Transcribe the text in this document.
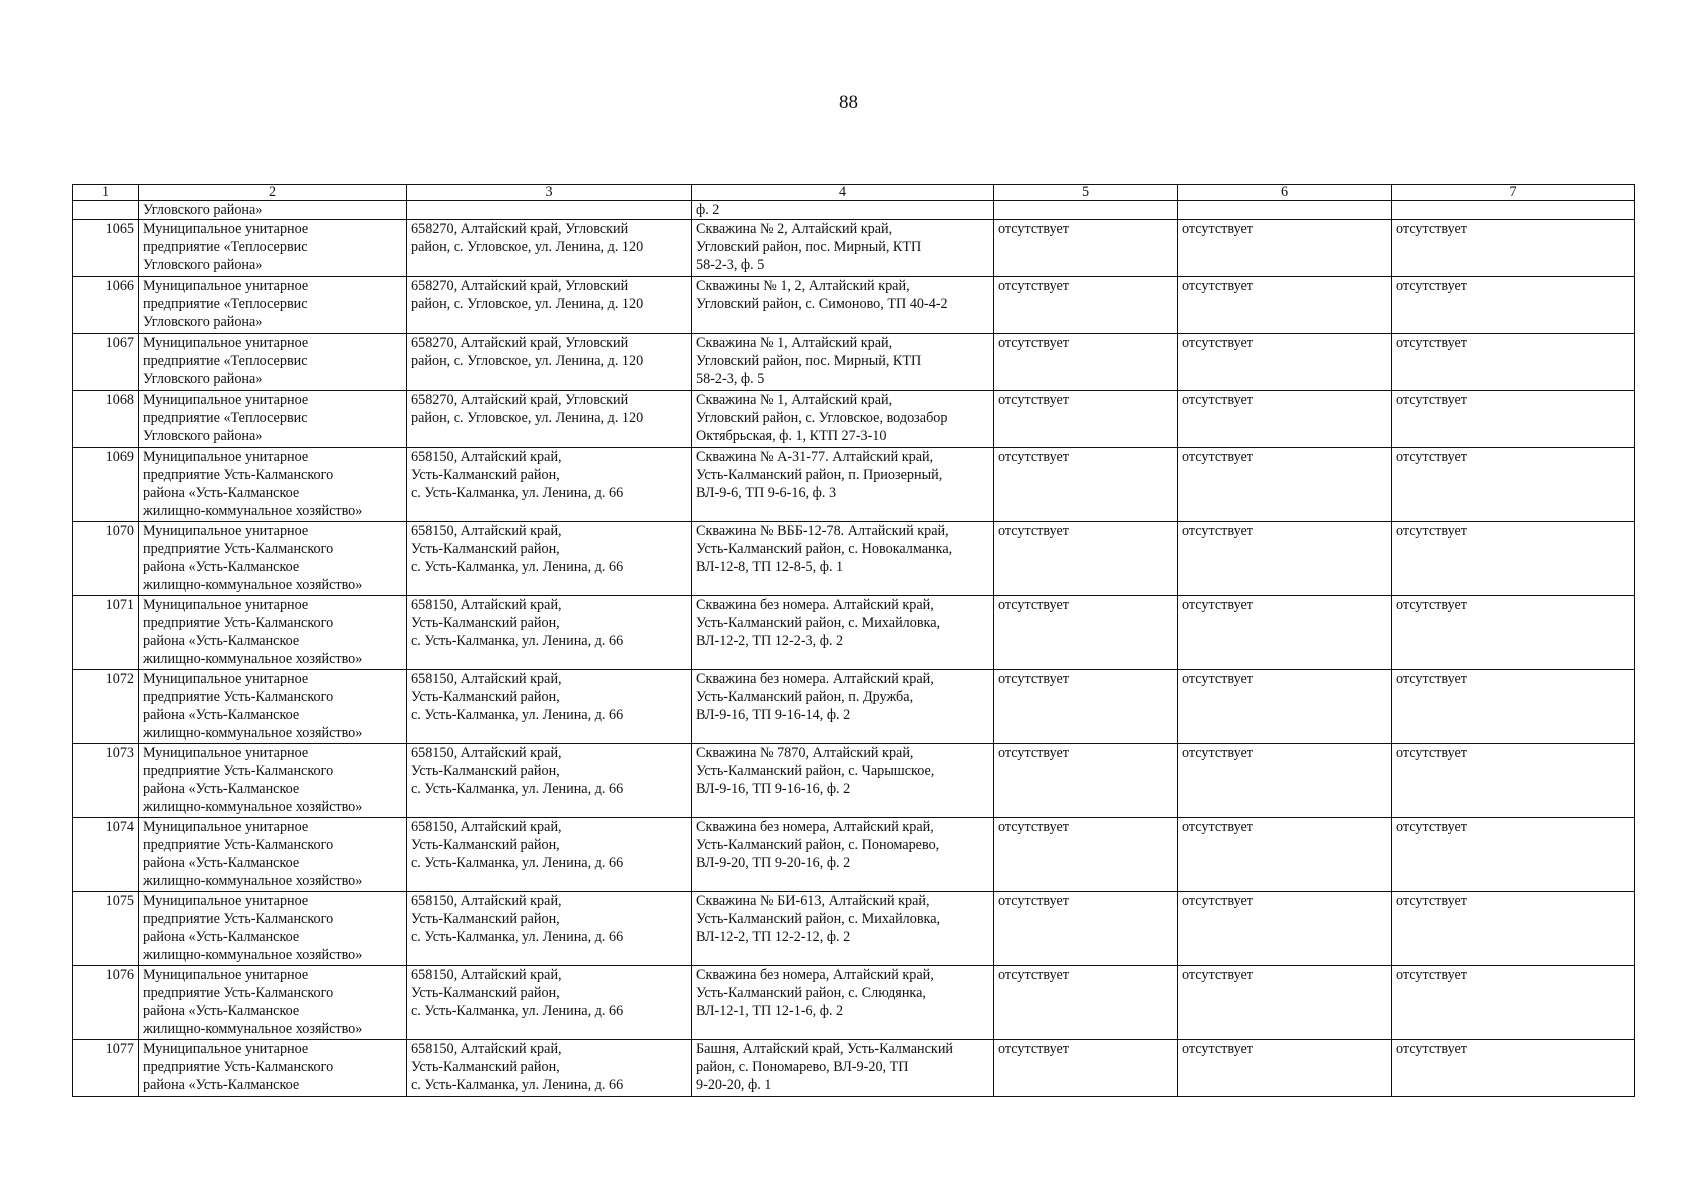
88
1	2	3	4	5	6	7

	Угловского района»		ф. 2			

1065	Муниципальное унитарное
предприятие «Теплосервис
Угловского района»	658270, Алтайский край, Угловский
район, с. Угловское, ул. Ленина, д. 120	Скважина № 2, Алтайский край,
Угловский район, пос. Мирный, КТП
58-2-3, ф. 5	отсутствует	отсутствует	отсутствует

1066	Муниципальное унитарное
предприятие «Теплосервис
Угловского района»	658270, Алтайский край, Угловский
район, с. Угловское, ул. Ленина, д. 120	Скважины № 1, 2, Алтайский край,
Угловский район, с. Симоново, ТП 40-4-2	отсутствует	отсутствует	отсутствует

1067	Муниципальное унитарное
предприятие «Теплосервис
Угловского района»	658270, Алтайский край, Угловский
район, с. Угловское, ул. Ленина, д. 120	Скважина № 1, Алтайский край,
Угловский район, пос. Мирный, КТП
58-2-3, ф. 5	отсутствует	отсутствует	отсутствует

1068	Муниципальное унитарное
предприятие «Теплосервис
Угловского района»	658270, Алтайский край, Угловский
район, с. Угловское, ул. Ленина, д. 120	Скважина № 1, Алтайский край,
Угловский район, с. Угловское, водозабор
Октябрьская, ф. 1, КТП 27-3-10	отсутствует	отсутствует	отсутствует

1069	Муниципальное унитарное
предприятие Усть-Калманского
района «Усть-Калманское
жилищно-коммунальное хозяйство»	658150, Алтайский край,
Усть-Калманский район,
с. Усть-Калманка, ул. Ленина, д. 66	Скважина № А-31-77. Алтайский край,
Усть-Калманский район, п. Приозерный,
ВЛ-9-6, ТП 9-6-16, ф. 3	отсутствует	отсутствует	отсутствует

1070	Муниципальное унитарное
предприятие Усть-Калманского
района «Усть-Калманское
жилищно-коммунальное хозяйство»	658150, Алтайский край,
Усть-Калманский район,
с. Усть-Калманка, ул. Ленина, д. 66	Скважина № ВББ-12-78. Алтайский край,
Усть-Калманский район, с. Новокалманка,
ВЛ-12-8, ТП 12-8-5, ф. 1	отсутствует	отсутствует	отсутствует

1071	Муниципальное унитарное
предприятие Усть-Калманского
района «Усть-Калманское
жилищно-коммунальное хозяйство»	658150, Алтайский край,
Усть-Калманский район,
с. Усть-Калманка, ул. Ленина, д. 66	Скважина без номера. Алтайский край,
Усть-Калманский район, с. Михайловка,
ВЛ-12-2, ТП 12-2-3, ф. 2	отсутствует	отсутствует	отсутствует

1072	Муниципальное унитарное
предприятие Усть-Калманского
района «Усть-Калманское
жилищно-коммунальное хозяйство»	658150, Алтайский край,
Усть-Калманский район,
с. Усть-Калманка, ул. Ленина, д. 66	Скважина без номера. Алтайский край,
Усть-Калманский район, п. Дружба,
ВЛ-9-16, ТП 9-16-14, ф. 2	отсутствует	отсутствует	отсутствует

1073	Муниципальное унитарное
предприятие Усть-Калманского
района «Усть-Калманское
жилищно-коммунальное хозяйство»	658150, Алтайский край,
Усть-Калманский район,
с. Усть-Калманка, ул. Ленина, д. 66	Скважина № 7870, Алтайский край,
Усть-Калманский район, с. Чарышское,
ВЛ-9-16, ТП 9-16-16, ф. 2	отсутствует	отсутствует	отсутствует

1074	Муниципальное унитарное
предприятие Усть-Калманского
района «Усть-Калманское
жилищно-коммунальное хозяйство»	658150, Алтайский край,
Усть-Калманский район,
с. Усть-Калманка, ул. Ленина, д. 66	Скважина без номера, Алтайский край,
Усть-Калманский район, с. Пономарево,
ВЛ-9-20, ТП 9-20-16, ф. 2	отсутствует	отсутствует	отсутствует

1075	Муниципальное унитарное
предприятие Усть-Калманского
района «Усть-Калманское
жилищно-коммунальное хозяйство»	658150, Алтайский край,
Усть-Калманский район,
с. Усть-Калманка, ул. Ленина, д. 66	Скважина № БИ-613, Алтайский край,
Усть-Калманский район, с. Михайловка,
ВЛ-12-2, ТП 12-2-12, ф. 2	отсутствует	отсутствует	отсутствует

1076	Муниципальное унитарное
предприятие Усть-Калманского
района «Усть-Калманское
жилищно-коммунальное хозяйство»	658150, Алтайский край,
Усть-Калманский район,
с. Усть-Калманка, ул. Ленина, д. 66	Скважина без номера, Алтайский край,
Усть-Калманский район, с. Слюдянка,
ВЛ-12-1, ТП 12-1-6, ф. 2	отсутствует	отсутствует	отсутствует

1077	Муниципальное унитарное
предприятие Усть-Калманского
района «Усть-Калманское	658150, Алтайский край,
Усть-Калманский район,
с. Усть-Калманка, ул. Ленина, д. 66	Башня, Алтайский край, Усть-Калманский
район, с. Пономарево, ВЛ-9-20, ТП
9-20-20, ф. 1	отсутствует	отсутствует	отсутствует
